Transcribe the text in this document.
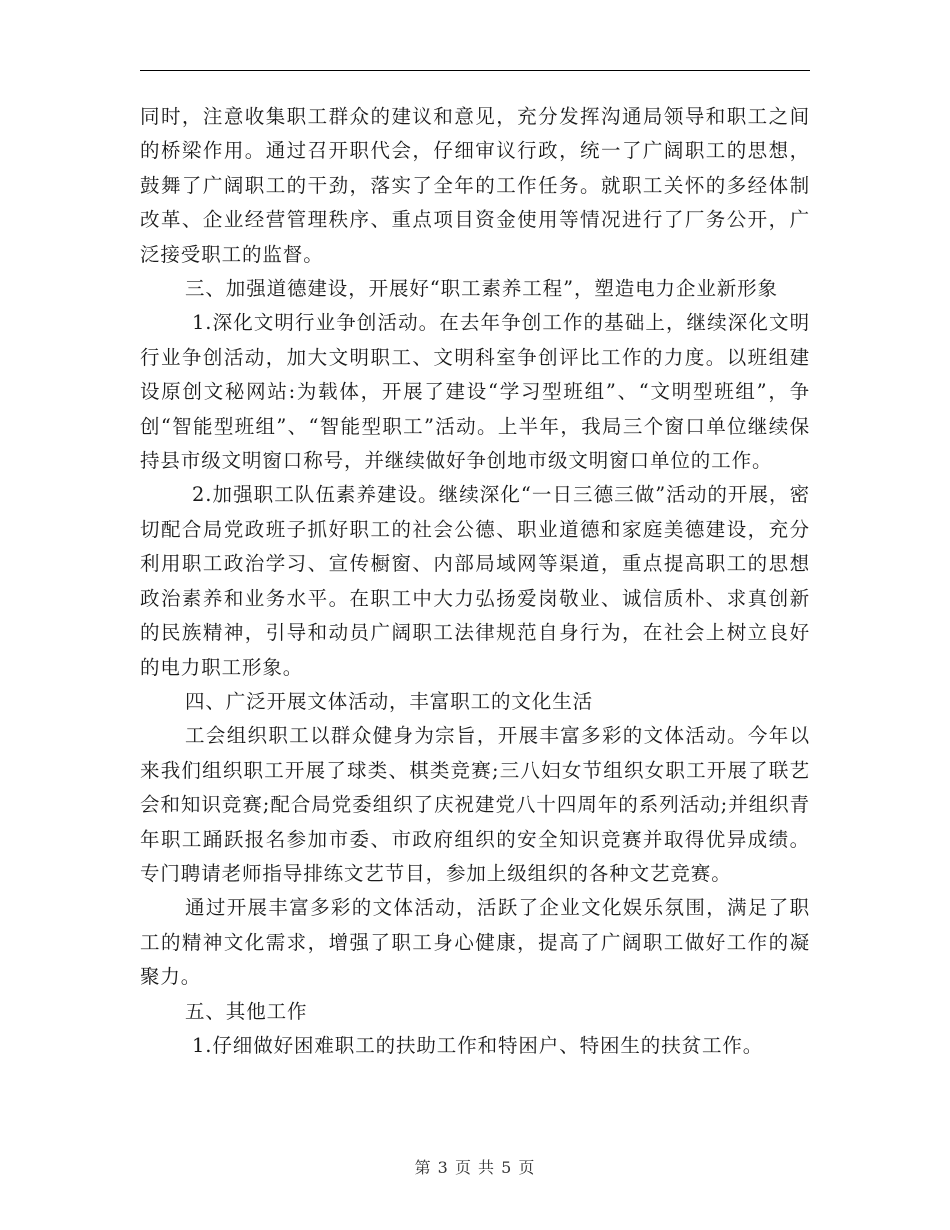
同时，注意收集职工群众的建议和意见，充分发挥沟通局领导和职工之间的桥梁作用。通过召开职代会，仔细审议行政，统一了广阔职工的思想，鼓舞了广阔职工的干劲，落实了全年的工作任务。就职工关怀的多经体制改革、企业经营管理秩序、重点项目资金使用等情况进行了厂务公开，广泛接受职工的监督。

三、加强道德建设，开展好“职工素养工程”，塑造电力企业新形象

1.深化文明行业争创活动。在去年争创工作的基础上，继续深化文明行业争创活动，加大文明职工、文明科室争创评比工作的力度。以班组建设原创文秘网站:为载体，开展了建设“学习型班组”、“文明型班组”，争创“智能型班组”、“智能型职工”活动。上半年，我局三个窗口单位继续保持县市级文明窗口称号，并继续做好争创地市级文明窗口单位的工作。

2.加强职工队伍素养建设。继续深化“一日三德三做”活动的开展，密切配合局党政班子抓好职工的社会公德、职业道德和家庭美德建设，充分利用职工政治学习、宣传橱窗、内部局域网等渠道，重点提高职工的思想政治素养和业务水平。在职工中大力弘扬爱岗敬业、诚信质朴、求真创新的民族精神，引导和动员广阔职工法律规范自身行为，在社会上树立良好的电力职工形象。

四、广泛开展文体活动，丰富职工的文化生活

工会组织职工以群众健身为宗旨，开展丰富多彩的文体活动。今年以来我们组织职工开展了球类、棋类竞赛;三八妇女节组织女职工开展了联艺会和知识竞赛;配合局党委组织了庆祝建党八十四周年的系列活动;并组织青年职工踊跃报名参加市委、市政府组织的安全知识竞赛并取得优异成绩。专门聘请老师指导排练文艺节目，参加上级组织的各种文艺竞赛。

通过开展丰富多彩的文体活动，活跃了企业文化娱乐氛围，满足了职工的精神文化需求，增强了职工身心健康，提高了广阔职工做好工作的凝聚力。

五、其他工作

1.仔细做好困难职工的扶助工作和特困户、特困生的扶贫工作。

第 3 页 共 5 页
